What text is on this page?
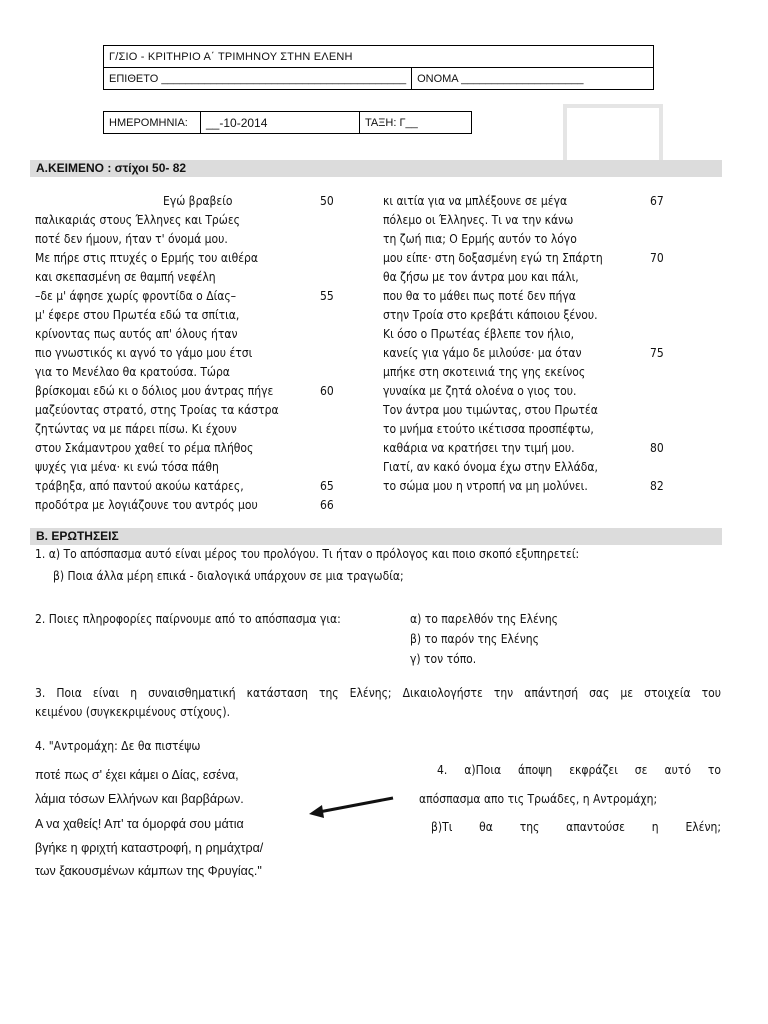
Γ/ΣΙΟ - ΚΡΙΤΗΡΙΟ Α΄ ΤΡΙΜΗΝΟΥ ΣΤΗΝ ΕΛΕΝΗ
ΕΠΙΘΕΤΟ ________________________________________	ΟΝΟΜΑ ____________________
ΗΜΕΡΟΜΗΝΙΑ:	__-10-2014	ΤΑΞΗ: Γ__
Α.ΚΕΙΜΕΝΟ : στίχοι 50- 82
Εγώ βραβείο
παλικαριάς στους Έλληνες και Τρώες
ποτέ δεν ήμουν, ήταν τ' όνομά μου.
Με πήρε στις πτυχές ο Ερμής του αιθέρα
και σκεπασμένη σε θαμπή νεφέλη
–δε μ' άφησε χωρίς φροντίδα ο Δίας–
μ' έφερε στου Πρωτέα εδώ τα σπίτια,
κρίνοντας πως αυτός απ' όλους ήταν
πιο γνωστικός κι αγνό το γάμο μου έτσι
για το Μενέλαο θα κρατούσα. Τώρα
βρίσκομαι εδώ κι ο δόλιος μου άντρας πήγε
μαζεύοντας στρατό, στης Τροίας τα κάστρα
ζητώντας να με πάρει πίσω. Κι έχουν
στου Σκάμαντρου χαθεί το ρέμα πλήθος
ψυχές για μένα· κι ενώ τόσα πάθη
τράβηξα, από παντού ακούω κατάρες,
προδότρα με λογιάζουνε του αντρός μου
50
55
60
65
66
κι αιτία για να μπλέξουνε σε μέγα
πόλεμο οι Έλληνες. Τι να την κάνω
τη ζωή πια; Ο Ερμής αυτόν το λόγο
μου είπε· στη δοξασμένη εγώ τη Σπάρτη
θα ζήσω με τον άντρα μου και πάλι,
που θα το μάθει πως ποτέ δεν πήγα
στην Τροία στο κρεβάτι κάποιου ξένου.
Κι όσο ο Πρωτέας έβλεπε τον ήλιο,
κανείς για γάμο δε μιλούσε· μα όταν
μπήκε στη σκοτεινιά της γης εκείνος
γυναίκα με ζητά ολοένα ο γιος του.
Τον άντρα μου τιμώντας, στου Πρωτέα
το μνήμα ετούτο ικέτισσα προσπέφτω,
καθάρια να κρατήσει την τιμή μου.
Γιατί, αν κακό όνομα έχω στην Ελλάδα,
το σώμα μου η ντροπή να μη μολύνει.
67
70
75
80
82
Β. ΕΡΩΤΗΣΕΙΣ
1. α) Το απόσπασμα αυτό είναι μέρος του προλόγου. Τι ήταν ο πρόλογος και ποιο σκοπό εξυπηρετεί:
β) Ποια άλλα μέρη επικά - διαλογικά υπάρχουν σε μια τραγωδία;
2. Ποιες πληροφορίες παίρνουμε από το απόσπασμα για:	α) το παρελθόν της Ελένης
β) το παρόν της Ελένης
γ) τον τόπο.
3. Ποια είναι η συναισθηματική κατάσταση της Ελένης; Δικαιολογήστε την απάντησή σας με στοιχεία του
κειμένου (συγκεκριμένους στίχους).
4. "Αντρομάχη: Δε θα πιστέψω
ποτέ πως σ' έχει κάμει ο Δίας, εσένα,
λάμια τόσων Ελλήνων και βαρβάρων.
Α να χαθείς! Απ' τα όμορφά σου μάτια
βγήκε η φριχτή καταστροφή, η ρημάχτρα/
των ξακουσμένων κάμπων της Φρυγίας."
4. α)Ποια άποψη εκφράζει σε αυτό το
απόσπασμα απο τις Τρωάδες, η Αντρομάχη;
β)Τι θα της απαντούσε η Ελένη;
